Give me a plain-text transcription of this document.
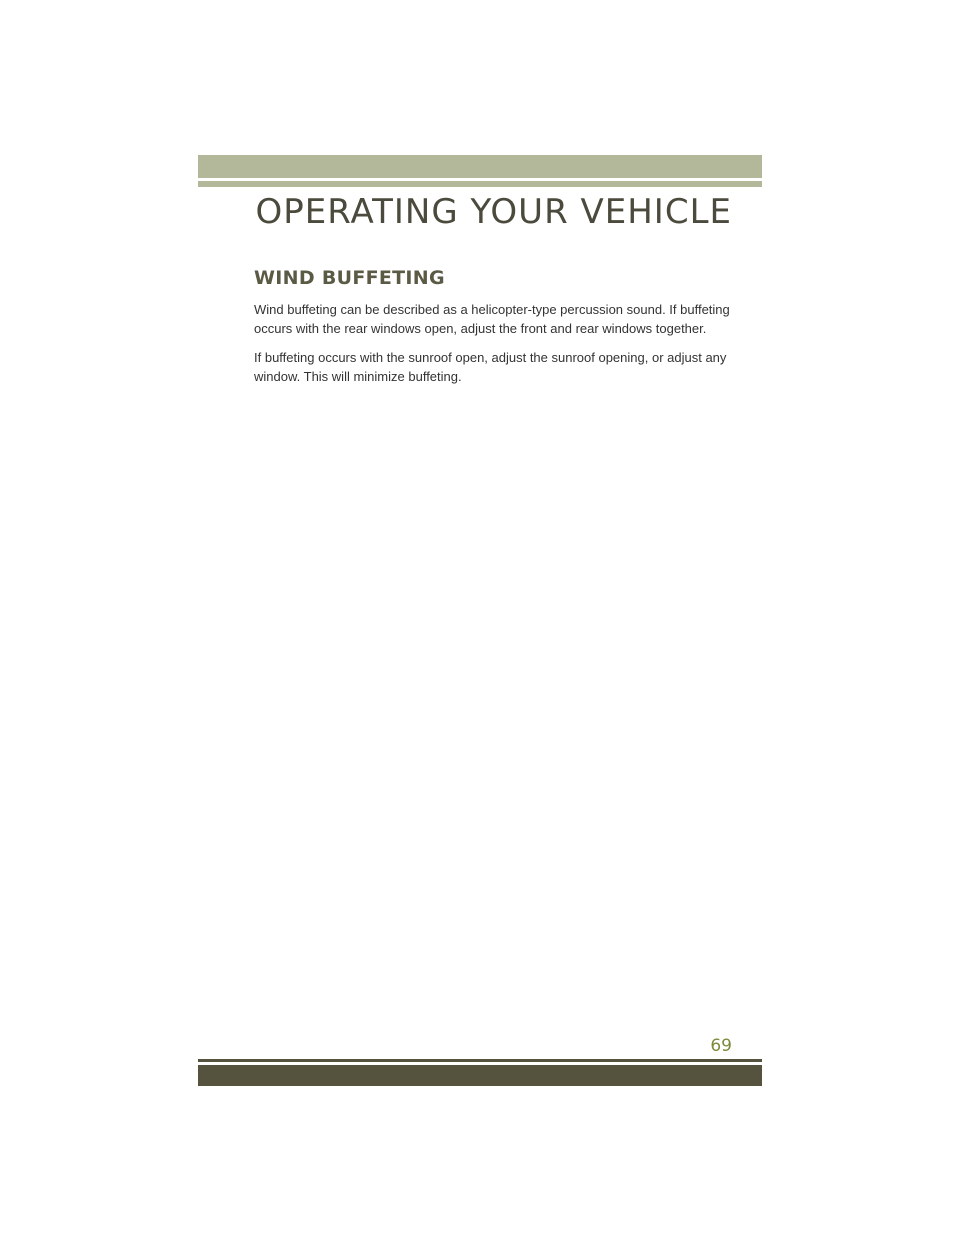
OPERATING YOUR VEHICLE
WIND BUFFETING

Wind buffeting can be described as a helicopter-type percussion sound. If buffeting occurs with the rear windows open, adjust the front and rear windows together.

If buffeting occurs with the sunroof open, adjust the sunroof opening, or adjust any window. This will minimize buffeting.

69
